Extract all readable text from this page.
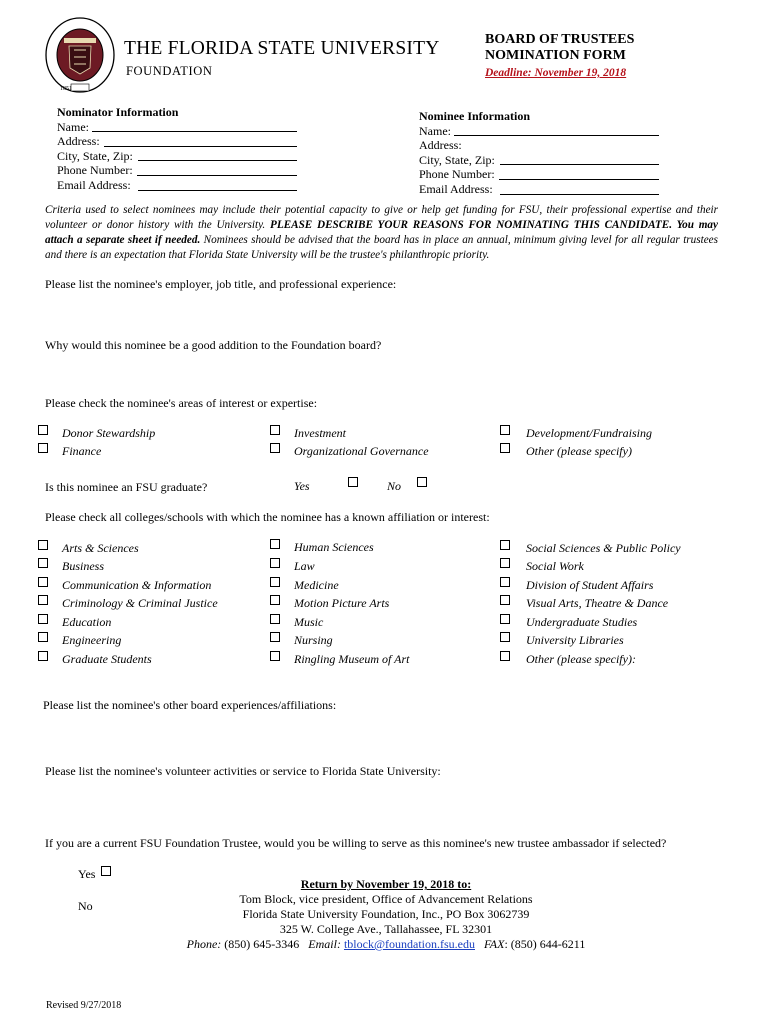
1851
THE FLORIDA STATE UNIVERSITY
FOUNDATION
BOARD OF TRUSTEES
NOMINATION FORM
Deadline: November 19, 2018
Nominator Information
Name:
Address:
City, State, Zip:
Phone Number:
Email Address:
Nominee Information
Name:
Address:
City, State, Zip:
Phone Number:
Email Address:
Criteria used to select nominees may include their potential capacity to give or help get funding for FSU, their professional expertise and their volunteer or donor history with the University. PLEASE DESCRIBE YOUR REASONS FOR NOMINATING THIS CANDIDATE. You may attach a separate sheet if needed. Nominees should be advised that the board has in place an annual, minimum giving level for all regular trustees and there is an expectation that Florida State University will be the trustee's philanthropic priority.
Please list the nominee's employer, job title, and professional experience:
Why would this nominee be a good addition to the Foundation board?
Please check the nominee's areas of interest or expertise:
Donor Stewardship
Finance
Investment
Organizational Governance
Development/Fundraising
Other (please specify)
Is this nominee an FSU graduate?	Yes	No
Please check all colleges/schools with which the nominee has a known affiliation or interest:
Arts & Sciences
Business
Communication & Information
Criminology & Criminal Justice
Education
Engineering
Graduate Students
Human Sciences
Law
Medicine
Motion Picture Arts
Music
Nursing
Ringling Museum of Art
Social Sciences & Public Policy
Social Work
Division of Student Affairs
Visual Arts, Theatre & Dance
Undergraduate Studies
University Libraries
Other (please specify):
Please list the nominee's other board experiences/affiliations:
Please list the nominee's volunteer activities or service to Florida State University:
If you are a current FSU Foundation Trustee, would you be willing to serve as this nominee's new trustee ambassador if selected?
Yes
No
Return by November 19, 2018 to:
Tom Block, vice president, Office of Advancement Relations
Florida State University Foundation, Inc., PO Box 3062739
325 W. College Ave., Tallahassee, FL 32301
Phone: (850) 645-3346 Email: tblock@foundation.fsu.edu FAX: (850) 644-6211
Revised 9/27/2018
